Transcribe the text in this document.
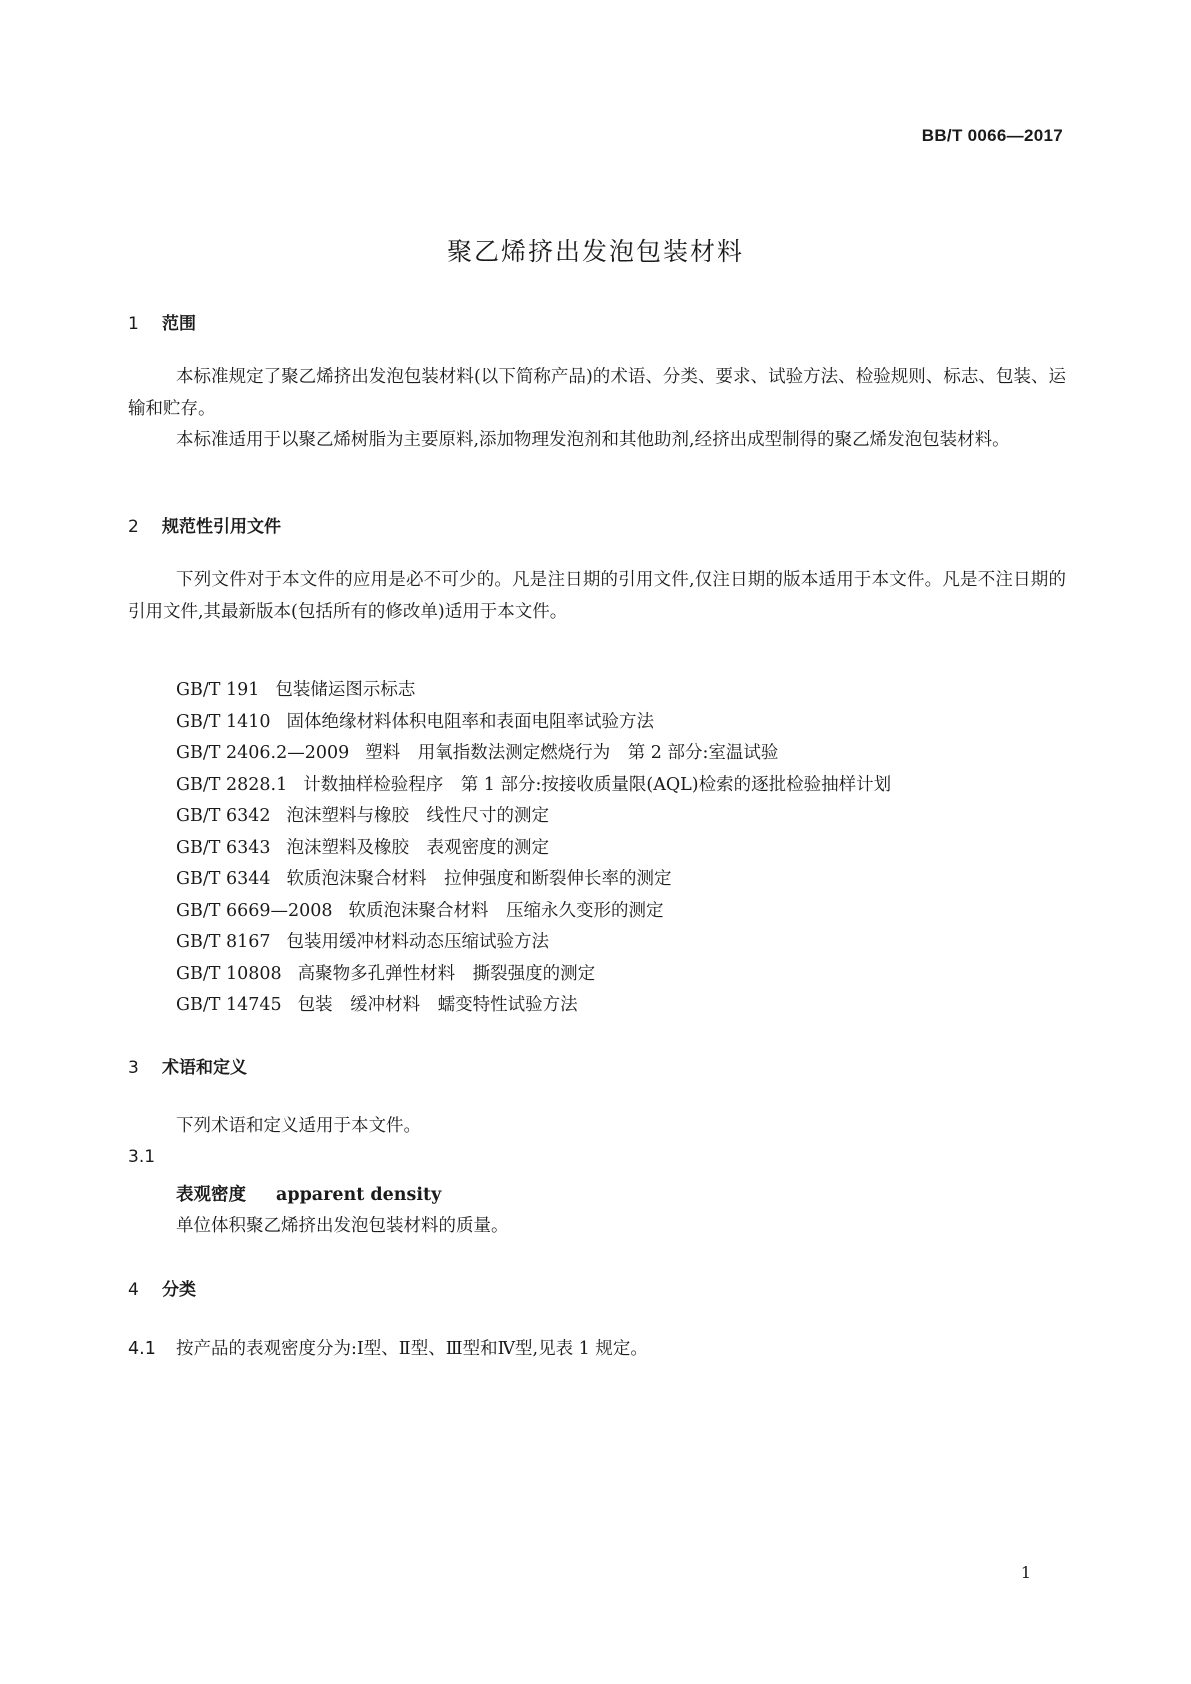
BB/T 0066—2017
聚乙烯挤出发泡包装材料
1 范围
本标准规定了聚乙烯挤出发泡包装材料(以下简称产品)的术语、分类、要求、试验方法、检验规则、标志、包装、运输和贮存。
本标准适用于以聚乙烯树脂为主要原料,添加物理发泡剂和其他助剂,经挤出成型制得的聚乙烯发泡包装材料。
2 规范性引用文件
下列文件对于本文件的应用是必不可少的。凡是注日期的引用文件,仅注日期的版本适用于本文件。凡是不注日期的引用文件,其最新版本(包括所有的修改单)适用于本文件。
GB/T 191 包装储运图示标志
GB/T 1410 固体绝缘材料体积电阻率和表面电阻率试验方法
GB/T 2406.2—2009 塑料　用氧指数法测定燃烧行为　第 2 部分:室温试验
GB/T 2828.1 计数抽样检验程序　第 1 部分:按接收质量限(AQL)检索的逐批检验抽样计划
GB/T 6342 泡沫塑料与橡胶　线性尺寸的测定
GB/T 6343 泡沫塑料及橡胶　表观密度的测定
GB/T 6344 软质泡沫聚合材料　拉伸强度和断裂伸长率的测定
GB/T 6669—2008 软质泡沫聚合材料　压缩永久变形的测定
GB/T 8167 包装用缓冲材料动态压缩试验方法
GB/T 10808 高聚物多孔弹性材料　撕裂强度的测定
GB/T 14745 包装　缓冲材料　蠕变特性试验方法
3 术语和定义
下列术语和定义适用于本文件。
3.1
表观密度 apparent density
单位体积聚乙烯挤出发泡包装材料的质量。
4 分类
4.1 按产品的表观密度分为:Ⅰ型、Ⅱ型、Ⅲ型和Ⅳ型,见表 1 规定。
1
